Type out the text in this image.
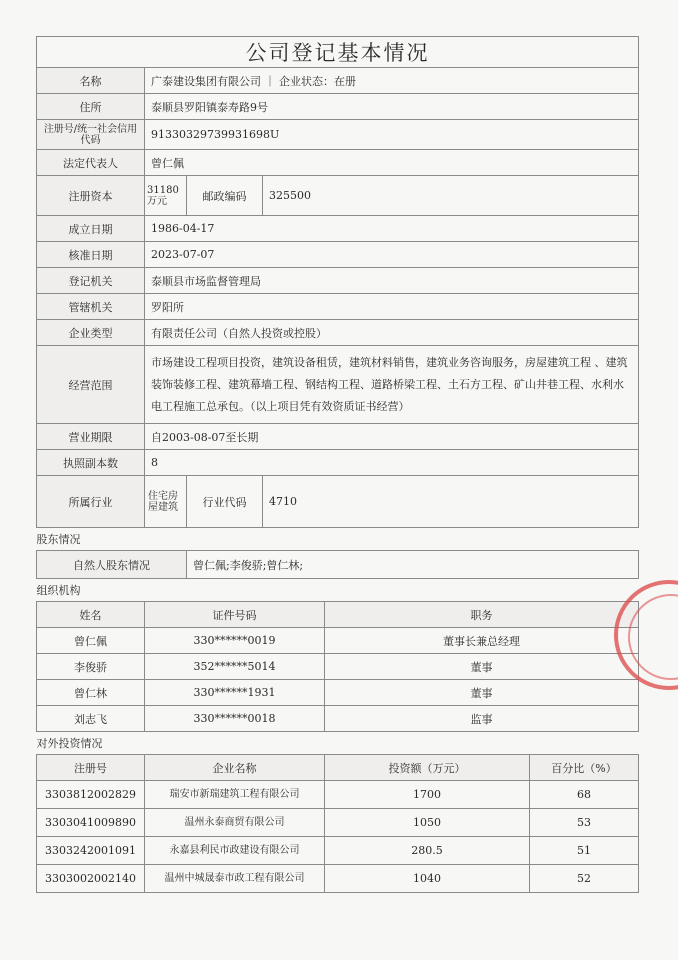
公司登记基本情况					
名称	广泰建设集团有限公司 ｜ 企业状态：在册				
住所	泰顺县罗阳镇泰寿路9号				
注册号/统一社会信用代码	91330329739931698U				
法定代表人	曾仁佩				
注册资本	31180万元	邮政编码	325500		
成立日期	1986-04-17				
核准日期	2023-07-07				
登记机关	泰顺县市场监督管理局				
管辖机关	罗阳所				
企业类型	有限责任公司（自然人投资或控股）				
经营范围	市场建设工程项目投资，建筑设备租赁，建筑材料销售，建筑业务咨询服务，房屋建筑工程 、建筑装饰装修工程、建筑幕墙工程、钢结构工程、道路桥梁工程、土石方工程、矿山井巷工程、水利水电工程施工总承包。（以上项目凭有效资质证书经营）				
营业期限	自2003-08-07至长期				
执照副本数	8				
所属行业	住宅房屋建筑	行业代码	4710		
股东情况					
自然人股东情况		曾仁佩;李俊骄;曾仁林;			
组织机构					
姓名	证件号码			职务	
曾仁佩	330******0019			董事长兼总经理	
李俊骄	352******5014			董事	
曾仁林	330******1931			董事	
刘志飞	330******0018			监事	
对外投资情况					
注册号	企业名称			投资额（万元）	百分比（%）
3303812002829	瑞安市新瑞建筑工程有限公司			1700	68
3303041009890	温州永泰商贸有限公司			1050	53
3303242001091	永嘉县利民市政建设有限公司			280.5	51
3303002002140	温州中城晟泰市政工程有限公司			1040	52
